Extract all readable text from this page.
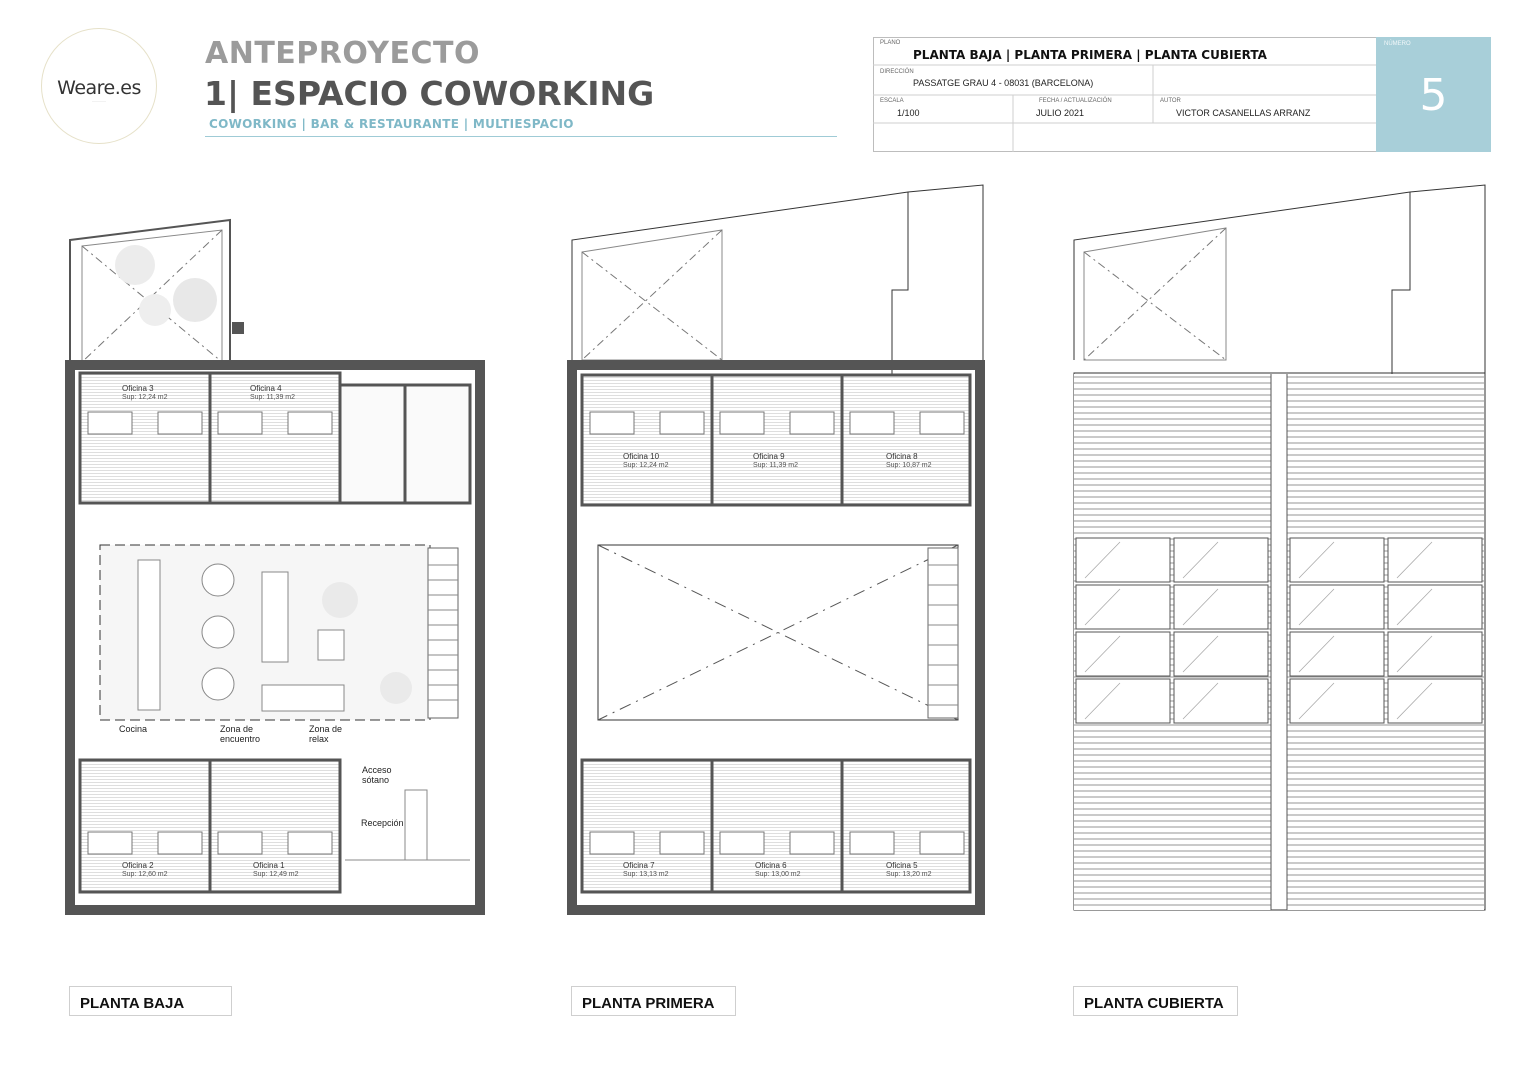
Weare.es
·······
ANTEPROYECTO
1| ESPACIO COWORKING
COWORKING | BAR & RESTAURANTE | MULTIESPACIO
PLANO
PLANTA BAJA | PLANTA PRIMERA | PLANTA CUBIERTA
DIRECCIÓN
PASSATGE GRAU 4 - 08031 (BARCELONA)
ESCALA
1/100
FECHA / ACTUALIZACIÓN
JULIO 2021
AUTOR
VICTOR CASANELLAS ARRANZ
NÚMERO
5
Oficina 3
Sup: 12,24 m2
Oficina 4
Sup: 11,39 m2
Oficina 2
Sup: 12,60 m2
Oficina 1
Sup: 12,49 m2
Cocina	Zona de
encuentro
Zona de
relax
Acceso
sótano
Recepción
Oficina 10
Sup: 12,24 m2
Oficina 9
Sup: 11,39 m2
Oficina 8
Sup: 10,87 m2
Oficina 7
Sup: 13,13 m2
Oficina 6
Sup: 13,00 m2
Oficina 5
Sup: 13,20 m2
PLANTA BAJA	PLANTA PRIMERA	PLANTA CUBIERTA
